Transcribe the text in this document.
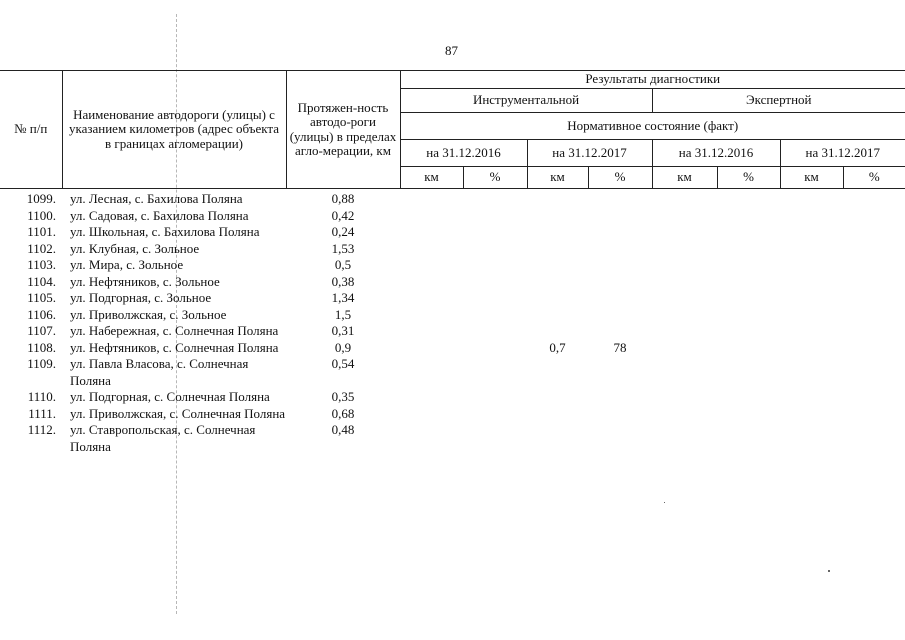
87
№ п/п	Наименование автодороги (улицы) с указанием километров (адрес объекта в границах агломерации)	Протяжен-ность автодо-роги (улицы) в пределах агло-мерации, км	Результаты диагностики							
			Инструментальной				Экспертной			
			Нормативное состояние (факт)							
			на 31.12.2016		на 31.12.2017		на 31.12.2016		на 31.12.2017	
			км	%	км	%	км	%	км	%
1099.	ул. Лесная, с. Бахилова Поляна	0,88								
1100.	ул. Садовая, с. Бахилова Поляна	0,42								
1101.	ул. Школьная, с. Бахилова Поляна	0,24								
1102.	ул. Клубная, с. Зольное	1,53								
1103.	ул. Мира, с. Зольное	0,5								
1104.	ул. Нефтяников, с. Зольное	0,38								
1105.	ул. Подгорная, с. Зольное	1,34								
1106.	ул. Приволжская, с. Зольное	1,5								
1107.	ул. Набережная, с. Солнечная Поляна	0,31								
1108.	ул. Нефтяников, с. Солнечная Поляна	0,9			0,7	78				
1109.	ул. Павла Власова, с. Солнечная Поляна	0,54								
1110.	ул. Подгорная, с. Солнечная Поляна	0,35								
1111.	ул. Приволжская, с. Солнечная Поляна	0,68								
1112.	ул. Ставропольская, с. Солнечная Поляна	0,48								
